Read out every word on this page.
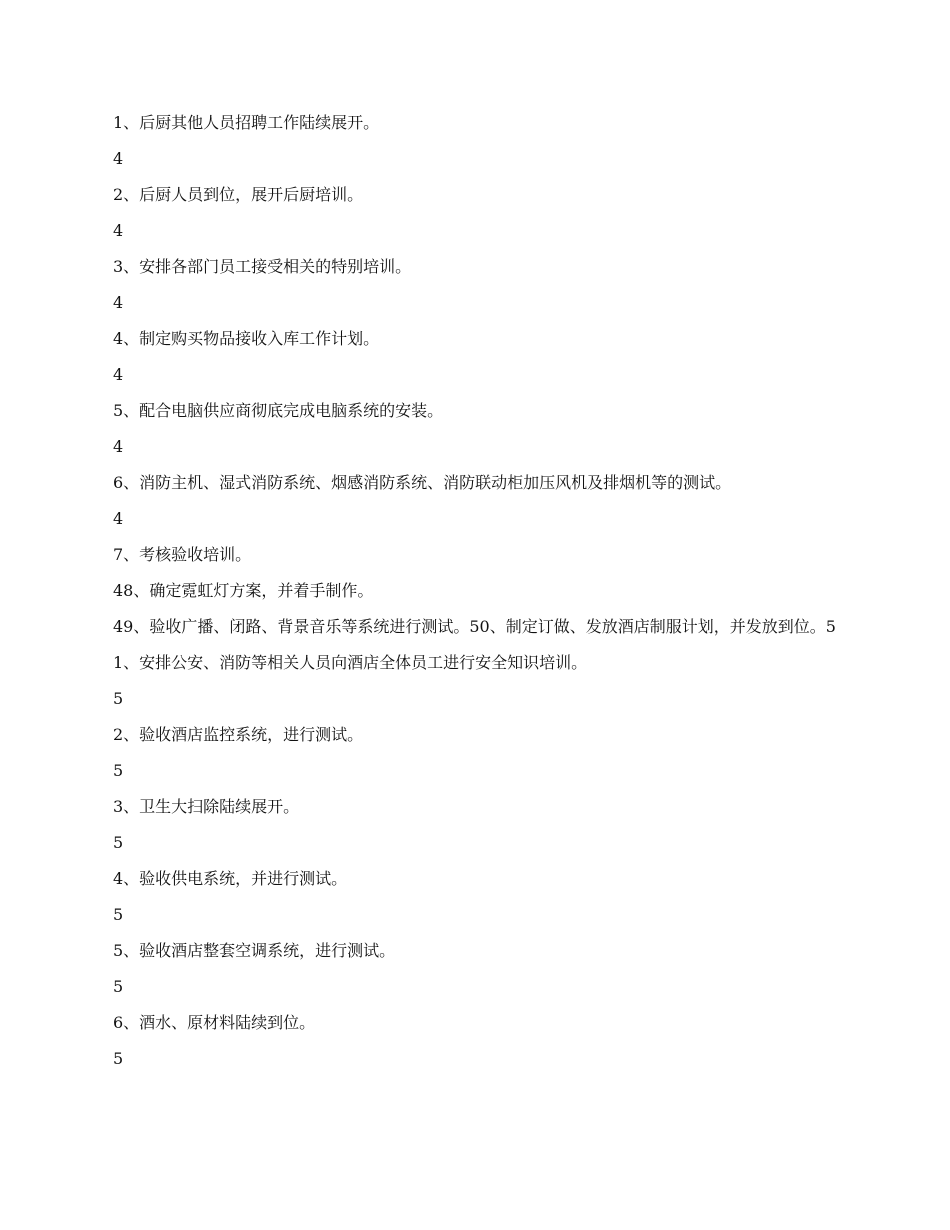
1、后厨其他人员招聘工作陆续展开。

4

2、后厨人员到位，展开后厨培训。

4

3、安排各部门员工接受相关的特别培训。

4

4、制定购买物品接收入库工作计划。

4

5、配合电脑供应商彻底完成电脑系统的安装。

4

6、消防主机、湿式消防系统、烟感消防系统、消防联动柜加压风机及排烟机等的测试。

4

7、考核验收培训。

48、确定霓虹灯方案，并着手制作。

49、验收广播、闭路、背景音乐等系统进行测试。50、制定订做、发放酒店制服计划，并发放到位。5

1、安排公安、消防等相关人员向酒店全体员工进行安全知识培训。

5

2、验收酒店监控系统，进行测试。

5

3、卫生大扫除陆续展开。

5

4、验收供电系统，并进行测试。

5

5、验收酒店整套空调系统，进行测试。

5

6、酒水、原材料陆续到位。

5
